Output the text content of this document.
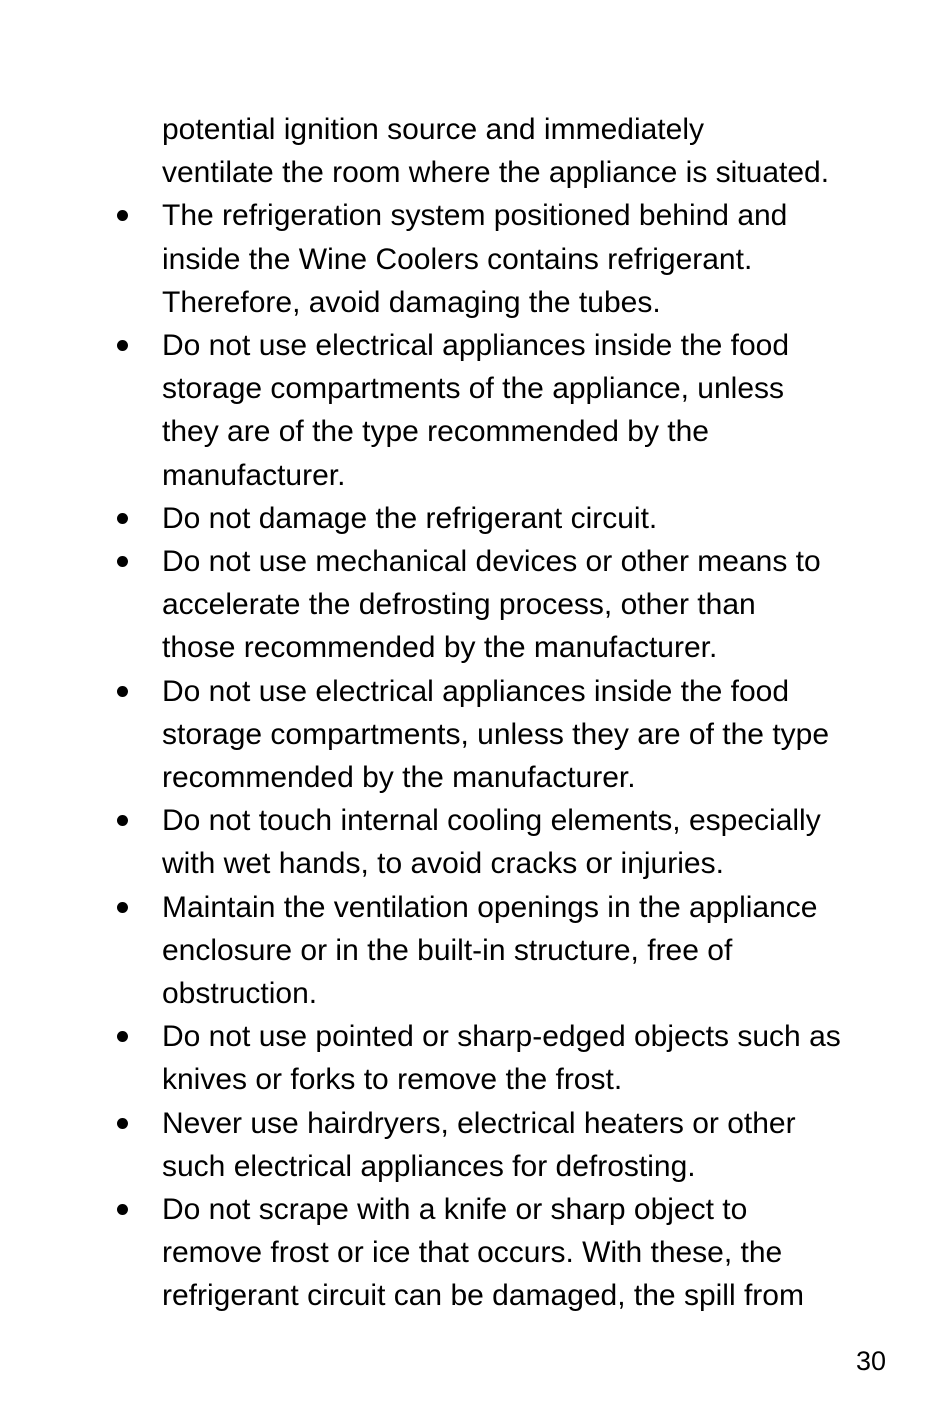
potential ignition source and immediately
ventilate the room where the appliance is situated.
The refrigeration system positioned behind and
inside the Wine Coolers contains refrigerant.
Therefore, avoid damaging the tubes.
Do not use electrical appliances inside the food
storage compartments of the appliance, unless
they are of the type recommended by the
manufacturer.
Do not damage the refrigerant circuit.
Do not use mechanical devices or other means to
accelerate the defrosting process, other than
those recommended by the manufacturer.
Do not use electrical appliances inside the food
storage compartments, unless they are of the type
recommended by the manufacturer.
Do not touch internal cooling elements, especially
with wet hands, to avoid cracks or injuries.
Maintain the ventilation openings in the appliance
enclosure or in the built-in structure, free of
obstruction.
Do not use pointed or sharp-edged objects such as
knives or forks to remove the frost.
Never use hairdryers, electrical heaters or other
such electrical appliances for defrosting.
Do not scrape with a knife or sharp object to
remove frost or ice that occurs. With these, the
refrigerant circuit can be damaged, the spill from
30
